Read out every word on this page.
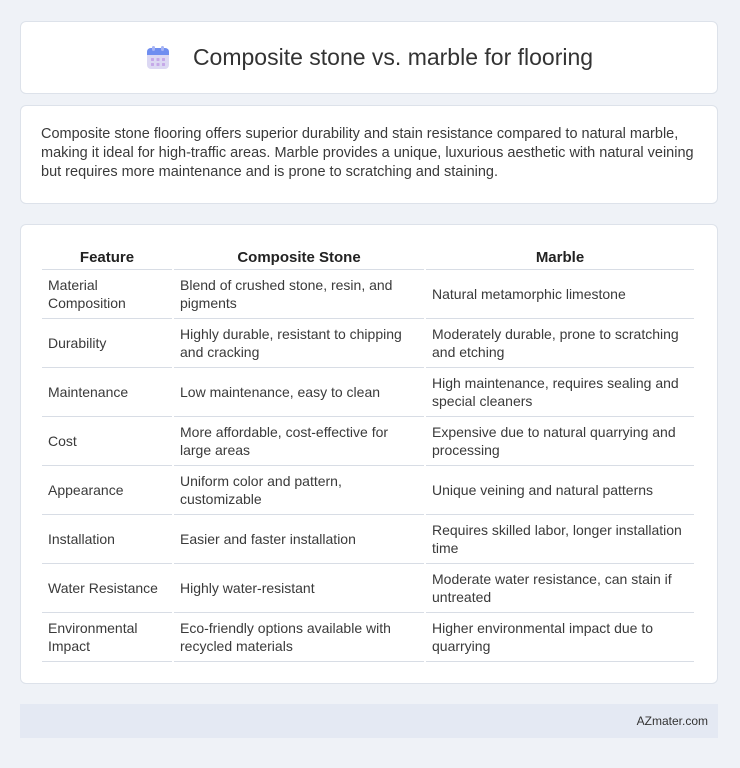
Composite stone vs. marble for flooring

Composite stone flooring offers superior durability and stain resistance compared to natural marble, making it ideal for high-traffic areas. Marble provides a unique, luxurious aesthetic with natural veining but requires more maintenance and is prone to scratching and staining.

Feature	Composite Stone	Marble
Material Composition	Blend of crushed stone, resin, and pigments	Natural metamorphic limestone
Durability	Highly durable, resistant to chipping and cracking	Moderately durable, prone to scratching and etching
Maintenance	Low maintenance, easy to clean	High maintenance, requires sealing and special cleaners
Cost	More affordable, cost-effective for large areas	Expensive due to natural quarrying and processing
Appearance	Uniform color and pattern, customizable	Unique veining and natural patterns
Installation	Easier and faster installation	Requires skilled labor, longer installation time
Water Resistance	Highly water-resistant	Moderate water resistance, can stain if untreated
Environmental Impact	Eco-friendly options available with recycled materials	Higher environmental impact due to quarrying
AZmater.com
